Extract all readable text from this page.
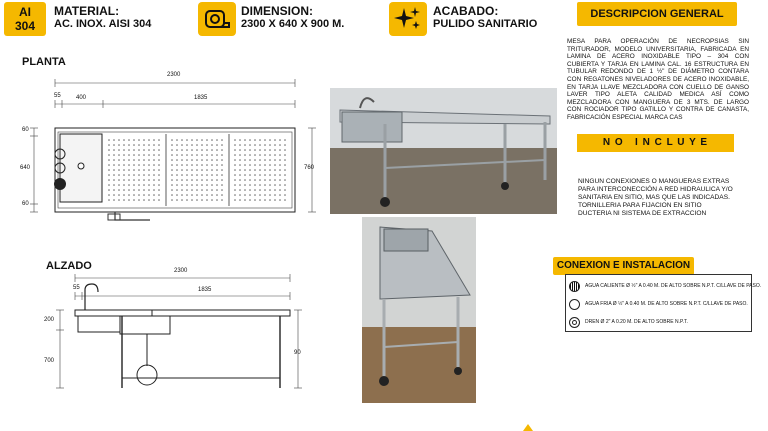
AI
304
MATERIAL:
AC. INOX. AISI 304
DIMENSION:
2300 X 640 X 900 M.
ACABADO:
PULIDO SANITARIO
DESCRIPCION GENERAL
MESA PARA OPERACIÓN DE NECROPSIAS SIN TRITURADOR, MODELO UNIVERSITARIA, FABRICADA EN LAMINA DE ACERO INOXIDABLE TIPO – 304 CON CUBIERTA Y TARJA EN LAMINA CAL. 16 ESTRUCTURA EN TUBULAR REDONDO DE 1 ½" DE DIÁMETRO CONTARA CON REGATONES NIVELADORES DE ACERO INOXIDABLE, EN TARJA LLAVE MEZCLADORA CON CUELLO DE GANSO LAVER TIPO ALETA CALIDAD MEDICA ASÍ COMO MEZCLADORA CON MANGUERA DE 3 MTS. DE LARGO CON ROCIADOR TIPO GATILLO Y CONTRA DE CANASTA, FABRICACIÓN ESPECIAL MARCA CAS
N O   I N C L U Y E
NINGUN CONEXIONES O MANGUERAS EXTRAS PARA INTERCONECCIÓN A RED HIDRAULICA Y/O SANITARIA EN SITIO, MAS QUE LAS INDICADAS.
TORNILLERIA PARA FIJACION EN SITIO
DUCTERIA NI SISTEMA DE EXTRACCION
CONEXION E INSTALACION
AGUA CALIENTE Ø ½" A 0.40 M. DE ALTO SOBRE N.P.T. C/LLAVE DE PASO.
AGUA FRIA Ø ½" A 0.40 M. DE ALTO SOBRE N.P.T. C/LLAVE DE PASO.
DREN Ø 2" A 0.20 M. DE ALTO SOBRE N.P.T.
PLANTA
2300
55	400	1835
60
640
60
760
ALZADO	2300
55	1835
200
700
90
